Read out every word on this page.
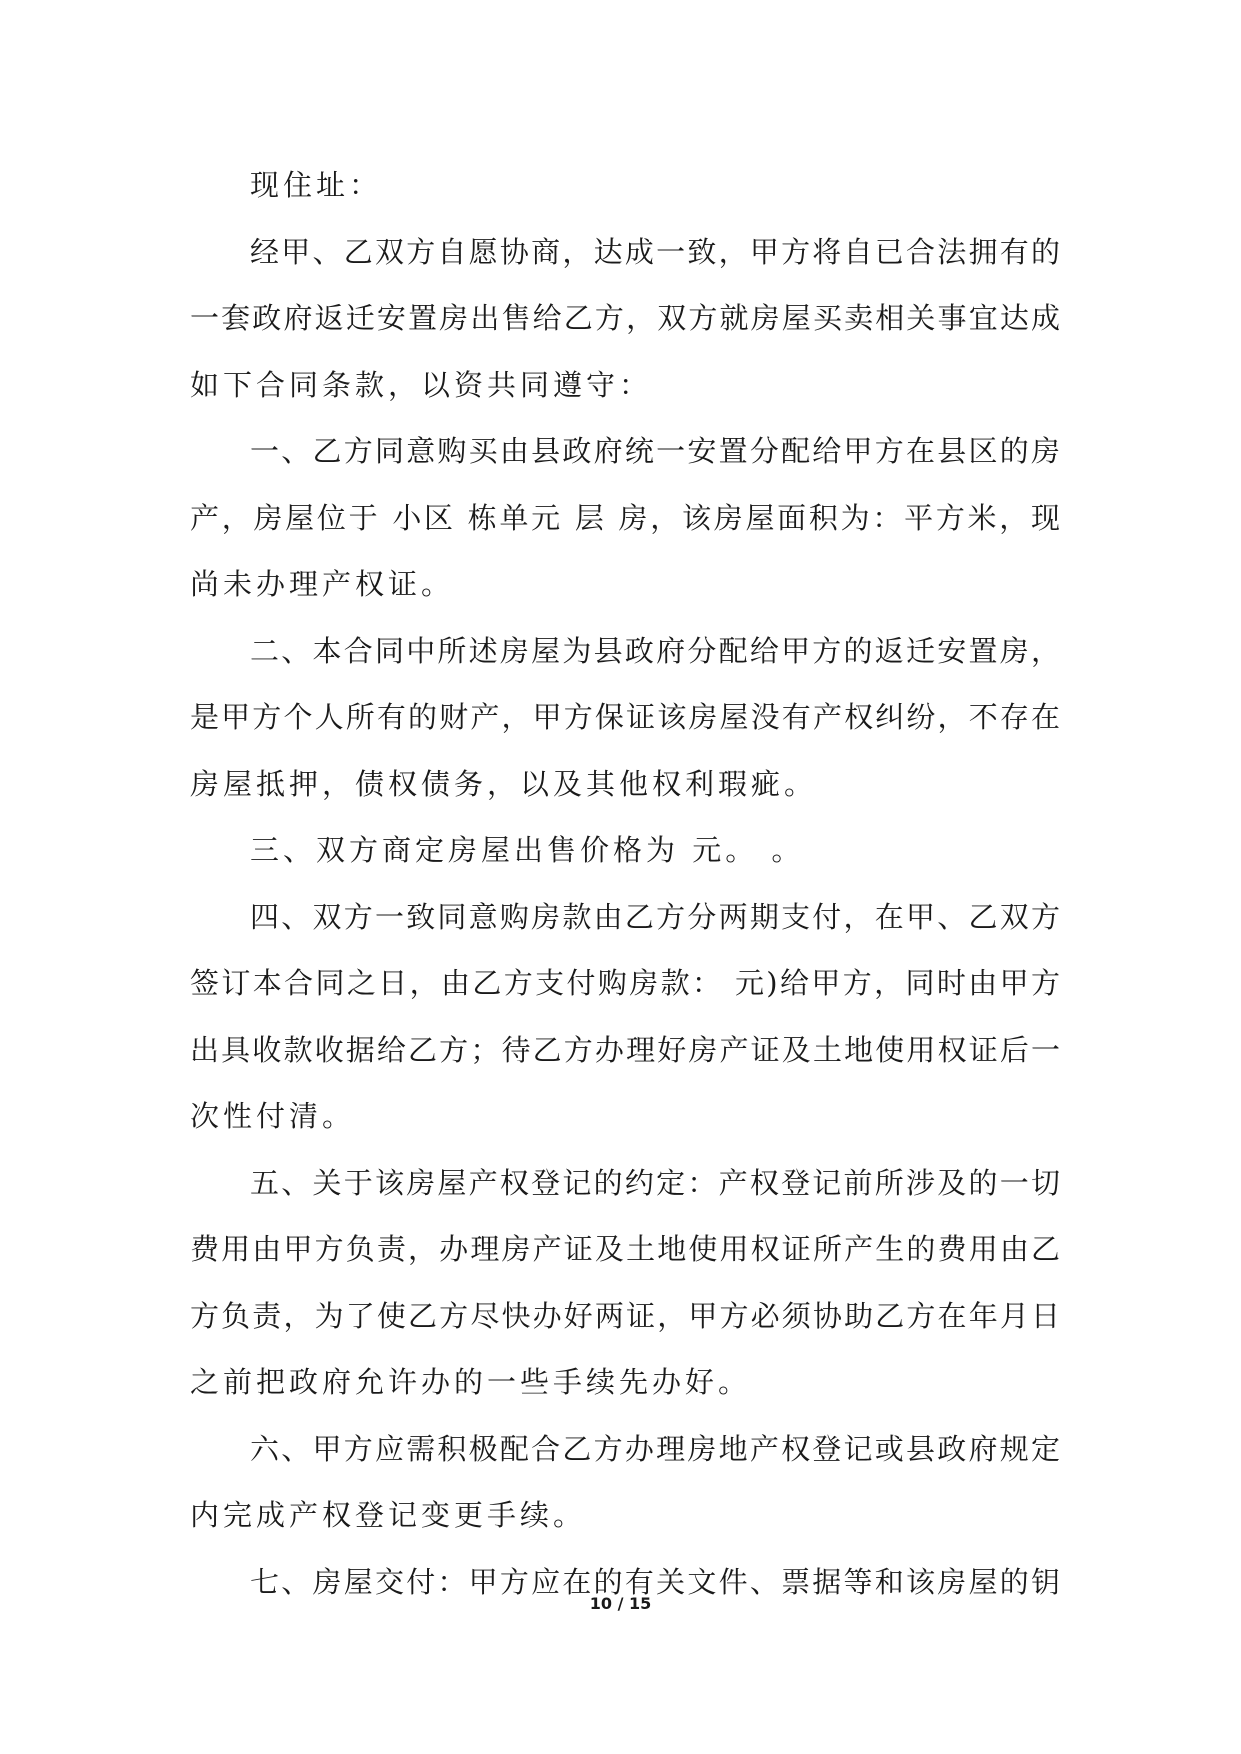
现住址：
经甲、乙双方自愿协商，达成一致，甲方将自已合法拥有的
一套政府返迁安置房出售给乙方，双方就房屋买卖相关事宜达成
如下合同条款，以资共同遵守：
一、乙方同意购买由县政府统一安置分配给甲方在县区的房
产，房屋位于 小区 栋单元 层 房，该房屋面积为：平方米，现
尚未办理产权证。
二、本合同中所述房屋为县政府分配给甲方的返迁安置房，
是甲方个人所有的财产，甲方保证该房屋没有产权纠纷，不存在
房屋抵押，债权债务，以及其他权利瑕疵。
三、双方商定房屋出售价格为 元。 。
四、双方一致同意购房款由乙方分两期支付，在甲、乙双方
签订本合同之日，由乙方支付购房款： 元)给甲方，同时由甲方
出具收款收据给乙方；待乙方办理好房产证及土地使用权证后一
次性付清。
五、关于该房屋产权登记的约定：产权登记前所涉及的一切
费用由甲方负责，办理房产证及土地使用权证所产生的费用由乙
方负责，为了使乙方尽快办好两证，甲方必须协助乙方在年月日
之前把政府允许办的一些手续先办好。
六、甲方应需积极配合乙方办理房地产权登记或县政府规定
内完成产权登记变更手续。
七、房屋交付：甲方应在的有关文件、票据等和该房屋的钥
10 / 15
